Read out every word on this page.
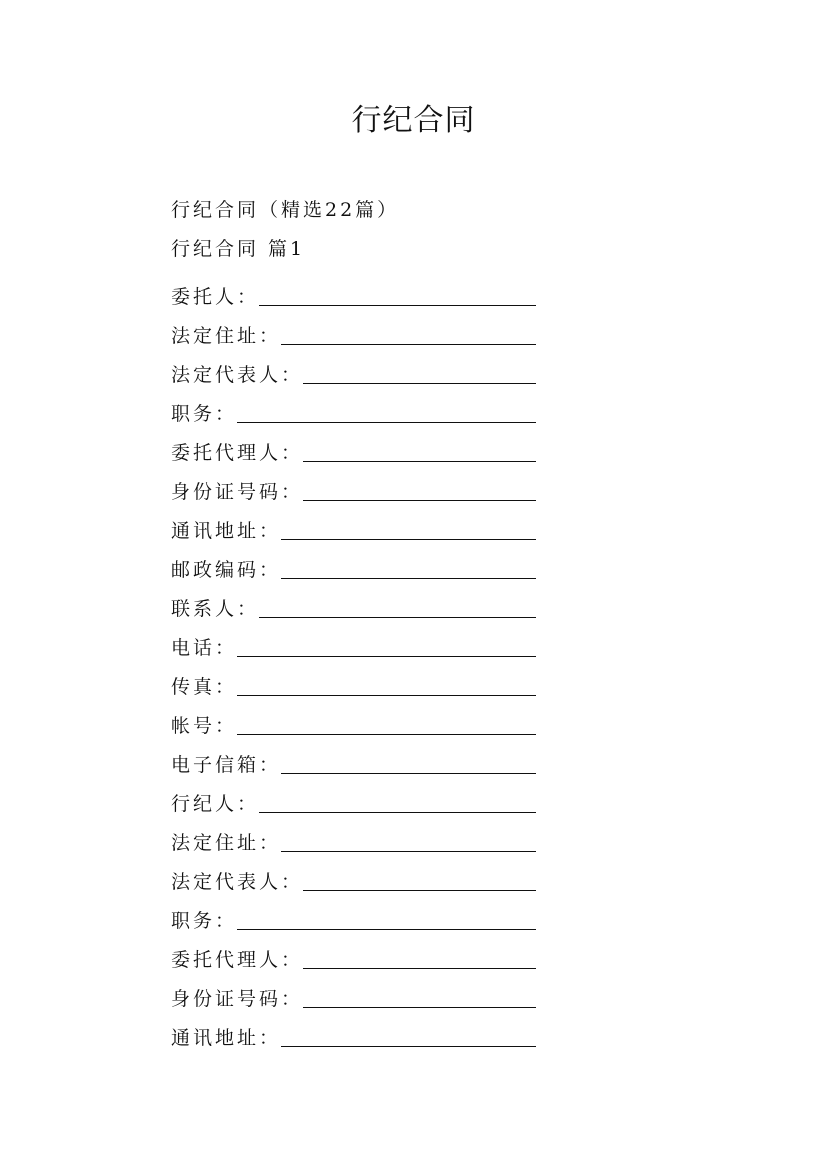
行纪合同
行纪合同（精选22篇）
行纪合同 篇1
委托人：
法定住址：
法定代表人：
职务：
委托代理人：
身份证号码：
通讯地址：
邮政编码：
联系人：
电话：
传真：
帐号：
电子信箱：
行纪人：
法定住址：
法定代表人：
职务：
委托代理人：
身份证号码：
通讯地址：
